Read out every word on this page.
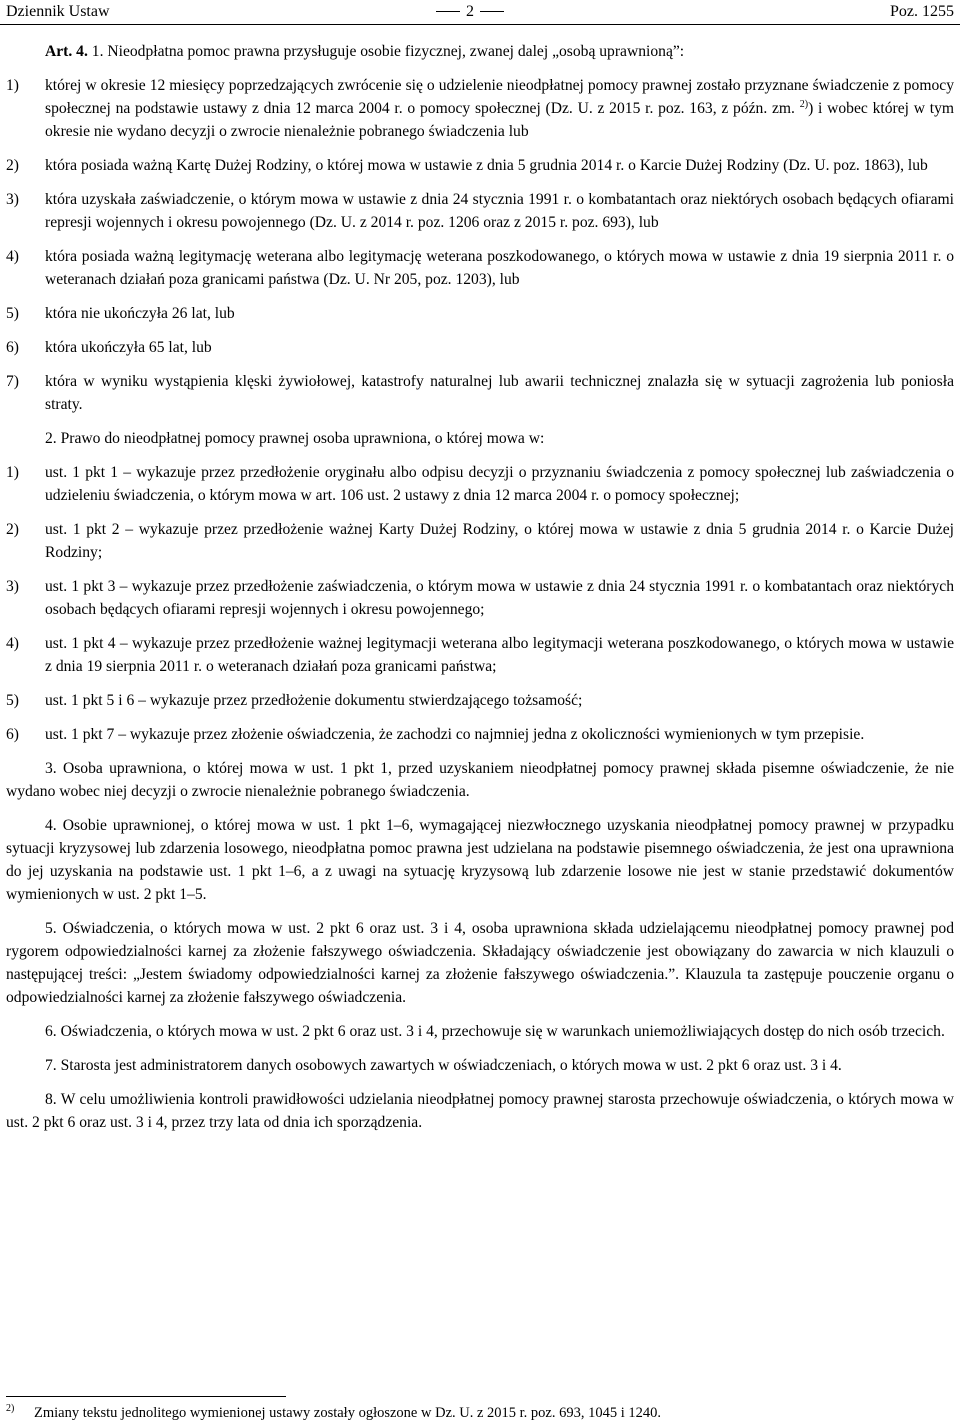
Dziennik Ustaw	2	Poz. 1255

Art. 4. 1. Nieodpłatna pomoc prawna przysługuje osobie fizycznej, zwanej dalej „osobą uprawnioną”:

1)	której w okresie 12 miesięcy poprzedzających zwrócenie się o udzielenie nieodpłatnej pomocy prawnej zostało przyznane świadczenie z pomocy społecznej na podstawie ustawy z dnia 12 marca 2004 r. o pomocy społecznej (Dz. U. z 2015 r. poz. 163, z późn. zm. $^{2)}$) i wobec której w tym okresie nie wydano decyzji o zwrocie nienależnie pobranego świadczenia lub
2)	która posiada ważną Kartę Dużej Rodziny, o której mowa w ustawie z dnia 5 grudnia 2014 r. o Karcie Dużej Rodziny (Dz. U. poz. 1863), lub
3)	która uzyskała zaświadczenie, o którym mowa w ustawie z dnia 24 stycznia 1991 r. o kombatantach oraz niektórych osobach będących ofiarami represji wojennych i okresu powojennego (Dz. U. z 2014 r. poz. 1206 oraz z 2015 r. poz. 693), lub
4)	która posiada ważną legitymację weterana albo legitymację weterana poszkodowanego, o których mowa w ustawie z dnia 19 sierpnia 2011 r. o weteranach działań poza granicami państwa (Dz. U. Nr 205, poz. 1203), lub
5)	która nie ukończyła 26 lat, lub
6)	która ukończyła 65 lat, lub
7)	która w wyniku wystąpienia klęski żywiołowej, katastrofy naturalnej lub awarii technicznej znalazła się w sytuacji zagrożenia lub poniosła straty.

2. Prawo do nieodpłatnej pomocy prawnej osoba uprawniona, o której mowa w:

1)	ust. 1 pkt 1 – wykazuje przez przedłożenie oryginału albo odpisu decyzji o przyznaniu świadczenia z pomocy społecznej lub zaświadczenia o udzieleniu świadczenia, o którym mowa w art. 106 ust. 2 ustawy z dnia 12 marca 2004 r. o pomocy społecznej;
2)	ust. 1 pkt 2 – wykazuje przez przedłożenie ważnej Karty Dużej Rodziny, o której mowa w ustawie z dnia 5 grudnia 2014 r. o Karcie Dużej Rodziny;
3)	ust. 1 pkt 3 – wykazuje przez przedłożenie zaświadczenia, o którym mowa w ustawie z dnia 24 stycznia 1991 r. o kombatantach oraz niektórych osobach będących ofiarami represji wojennych i okresu powojennego;
4)	ust. 1 pkt 4 – wykazuje przez przedłożenie ważnej legitymacji weterana albo legitymacji weterana poszkodowanego, o których mowa w ustawie z dnia 19 sierpnia 2011 r. o weteranach działań poza granicami państwa;
5)	ust. 1 pkt 5 i 6 – wykazuje przez przedłożenie dokumentu stwierdzającego tożsamość;
6)	ust. 1 pkt 7 – wykazuje przez złożenie oświadczenia, że zachodzi co najmniej jedna z okoliczności wymienionych w tym przepisie.

3. Osoba uprawniona, o której mowa w ust. 1 pkt 1, przed uzyskaniem nieodpłatnej pomocy prawnej składa pisemne oświadczenie, że nie wydano wobec niej decyzji o zwrocie nienależnie pobranego świadczenia.

4. Osobie uprawnionej, o której mowa w ust. 1 pkt 1–6, wymagającej niezwłocznego uzyskania nieodpłatnej pomocy prawnej w przypadku sytuacji kryzysowej lub zdarzenia losowego, nieodpłatna pomoc prawna jest udzielana na podstawie pisemnego oświadczenia, że jest ona uprawniona do jej uzyskania na podstawie ust. 1 pkt 1–6, a z uwagi na sytuację kryzysową lub zdarzenie losowe nie jest w stanie przedstawić dokumentów wymienionych w ust. 2 pkt 1–5.

5. Oświadczenia, o których mowa w ust. 2 pkt 6 oraz ust. 3 i 4, osoba uprawniona składa udzielającemu nieodpłatnej pomocy prawnej pod rygorem odpowiedzialności karnej za złożenie fałszywego oświadczenia. Składający oświadczenie jest obowiązany do zawarcia w nich klauzuli o następującej treści: „Jestem świadomy odpowiedzialności karnej za złożenie fałszywego oświadczenia.”. Klauzula ta zastępuje pouczenie organu o odpowiedzialności karnej za złożenie fałszywego oświadczenia.

6. Oświadczenia, o których mowa w ust. 2 pkt 6 oraz ust. 3 i 4, przechowuje się w warunkach uniemożliwiających dostęp do nich osób trzecich.

7. Starosta jest administratorem danych osobowych zawartych w oświadczeniach, o których mowa w ust. 2 pkt 6 oraz ust. 3 i 4.

8. W celu umożliwienia kontroli prawidłowości udzielania nieodpłatnej pomocy prawnej starosta przechowuje oświadczenia, o których mowa w ust. 2 pkt 6 oraz ust. 3 i 4, przez trzy lata od dnia ich sporządzenia.

2)	Zmiany tekstu jednolitego wymienionej ustawy zostały ogłoszone w Dz. U. z 2015 r. poz. 693, 1045 i 1240.
